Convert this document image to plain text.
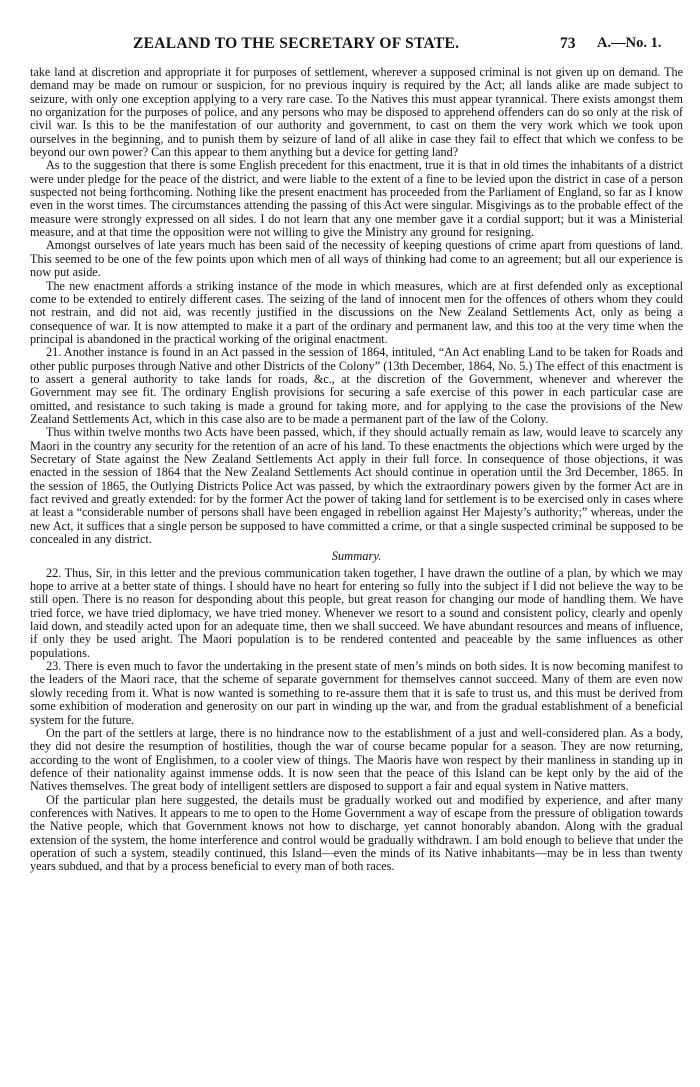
ZEALAND TO THE SECRETARY OF STATE.	73 A.—No. 1.

take land at discretion and appropriate it for purposes of settlement, wherever a supposed criminal is not given up on demand. The demand may be made on rumour or suspicion, for no previous inquiry is required by the Act; all lands alike are made subject to seizure, with only one exception applying to a very rare case. To the Natives this must appear tyrannical. There exists amongst them no organization for the purposes of police, and any persons who may be disposed to apprehend offenders can do so only at the risk of civil war. Is this to be the manifestation of our authority and government, to cast on them the very work which we took upon ourselves in the beginning, and to punish them by seizure of land of all alike in case they fail to effect that which we confess to be beyond our own power? Can this appear to them anything but a device for getting land?

As to the suggestion that there is some English precedent for this enactment, true it is that in old times the inhabitants of a district were under pledge for the peace of the district, and were liable to the extent of a fine to be levied upon the district in case of a person suspected not being forthcoming. Nothing like the present enactment has proceeded from the Parliament of England, so far as I know even in the worst times. The circumstances attending the passing of this Act were singular. Misgivings as to the probable effect of the measure were strongly expressed on all sides. I do not learn that any one member gave it a cordial support; but it was a Ministerial measure, and at that time the opposition were not willing to give the Ministry any ground for resigning.

Amongst ourselves of late years much has been said of the necessity of keeping questions of crime apart from questions of land. This seemed to be one of the few points upon which men of all ways of thinking had come to an agreement; but all our experience is now put aside.

The new enactment affords a striking instance of the mode in which measures, which are at first defended only as exceptional come to be extended to entirely different cases. The seizing of the land of innocent men for the offences of others whom they could not restrain, and did not aid, was recently justified in the discussions on the New Zealand Settlements Act, only as being a consequence of war. It is now attempted to make it a part of the ordinary and permanent law, and this too at the very time when the principal is abandoned in the practical working of the original enactment.

21. Another instance is found in an Act passed in the session of 1864, intituled, “An Act enabling Land to be taken for Roads and other public purposes through Native and other Districts of the Colony” (13th December, 1864, No. 5.) The effect of this enactment is to assert a general authority to take lands for roads, &c., at the discretion of the Government, whenever and wherever the Government may see fit. The ordinary English provisions for securing a safe exercise of this power in each particular case are omitted, and resistance to such taking is made a ground for taking more, and for applying to the case the provisions of the New Zealand Settlements Act, which in this case also are to be made a permanent part of the law of the Colony.

Thus within twelve months two Acts have been passed, which, if they should actually remain as law, would leave to scarcely any Maori in the country any security for the retention of an acre of his land. To these enactments the objections which were urged by the Secretary of State against the New Zealand Settlements Act apply in their full force. In consequence of those objections, it was enacted in the session of 1864 that the New Zealand Settlements Act should continue in operation until the 3rd December, 1865. In the session of 1865, the Outlying Districts Police Act was passed, by which the extraordinary powers given by the former Act are in fact revived and greatly extended: for by the former Act the power of taking land for settlement is to be exercised only in cases where at least a “considerable number of persons shall have been engaged in rebellion against Her Majesty’s authority;” whereas, under the new Act, it suffices that a single person be supposed to have committed a crime, or that a single suspected criminal be supposed to be concealed in any district.

Summary.

22. Thus, Sir, in this letter and the previous communication taken together, I have drawn the outline of a plan, by which we may hope to arrive at a better state of things. I should have no heart for entering so fully into the subject if I did not believe the way to be still open. There is no reason for desponding about this people, but great reason for changing our mode of handling them. We have tried force, we have tried diplomacy, we have tried money. Whenever we resort to a sound and consistent policy, clearly and openly laid down, and steadily acted upon for an adequate time, then we shall succeed. We have abundant resources and means of influence, if only they be used aright. The Maori population is to be rendered contented and peaceable by the same influences as other populations.

23. There is even much to favor the undertaking in the present state of men’s minds on both sides. It is now becoming manifest to the leaders of the Maori race, that the scheme of separate government for themselves cannot succeed. Many of them are even now slowly receding from it. What is now wanted is something to re-assure them that it is safe to trust us, and this must be derived from some exhibition of moderation and generosity on our part in winding up the war, and from the gradual establishment of a beneficial system for the future.

On the part of the settlers at large, there is no hindrance now to the establishment of a just and well-considered plan. As a body, they did not desire the resumption of hostilities, though the war of course became popular for a season. They are now returning, according to the wont of Englishmen, to a cooler view of things. The Maoris have won respect by their manliness in standing up in defence of their nationality against immense odds. It is now seen that the peace of this Island can be kept only by the aid of the Natives themselves. The great body of intelligent settlers are disposed to support a fair and equal system in Native matters.

Of the particular plan here suggested, the details must be gradually worked out and modified by experience, and after many conferences with Natives. It appears to me to open to the Home Government a way of escape from the pressure of obligation towards the Native people, which that Government knows not how to discharge, yet cannot honorably abandon. Along with the gradual extension of the system, the home interference and control would be gradually withdrawn. I am bold enough to believe that under the operation of such a system, steadily continued, this Island—even the minds of its Native inhabitants—may be in less than twenty years subdued, and that by a process beneficial to every man of both races.
